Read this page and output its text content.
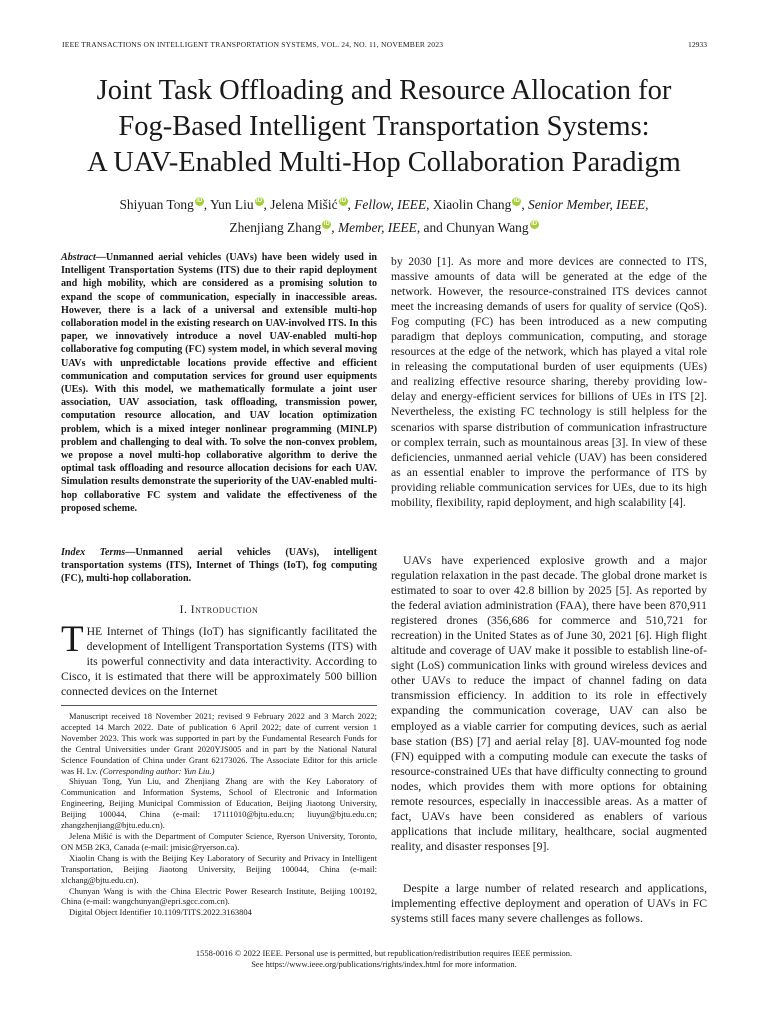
IEEE TRANSACTIONS ON INTELLIGENT TRANSPORTATION SYSTEMS, VOL. 24, NO. 11, NOVEMBER 2023	12933
Joint Task Offloading and Resource Allocation for
Fog-Based Intelligent Transportation Systems:
A UAV-Enabled Multi-Hop Collaboration Paradigm
Shiyuan Tong iD , Yun Liu iD , Jelena Mišić iD , Fellow, IEEE, Xiaolin Chang iD , Senior Member, IEEE,
Zhenjiang Zhang iD , Member, IEEE, and Chunyan Wang iD
Abstract—Unmanned aerial vehicles (UAVs) have been widely used in Intelligent Transportation Systems (ITS) due to their rapid deployment and high mobility, which are considered as a promising solution to expand the scope of communication, especially in inaccessible areas. However, there is a lack of a universal and extensible multi-hop collaboration model in the existing research on UAV-involved ITS. In this paper, we innovatively introduce a novel UAV-enabled multi-hop collaborative fog computing (FC) system model, in which several moving UAVs with unpredictable locations provide effective and efficient communication and computation services for ground user equipments (UEs). With this model, we mathematically formulate a joint user association, UAV association, task offloading, transmission power, computation resource allocation, and UAV location optimization problem, which is a mixed integer nonlinear programming (MINLP) problem and challenging to deal with. To solve the non-convex problem, we propose a novel multi-hop collaborative algorithm to derive the optimal task offloading and resource allocation decisions for each UAV. Simulation results demonstrate the superiority of the UAV-enabled multi-hop collaborative FC system and validate the effectiveness of the proposed scheme.
Index Terms—Unmanned aerial vehicles (UAVs), intelligent transportation systems (ITS), Internet of Things (IoT), fog computing (FC), multi-hop collaboration.
I. Introduction
THE Internet of Things (IoT) has significantly facilitated the development of Intelligent Transportation Systems (ITS) with its powerful connectivity and data interactivity. According to Cisco, it is estimated that there will be approximately 500 billion connected devices on the Internet

Manuscript received 18 November 2021; revised 9 February 2022 and 3 March 2022; accepted 14 March 2022. Date of publication 6 April 2022; date of current version 1 November 2023. This work was supported in part by the Fundamental Research Funds for the Central Universities under Grant 2020YJS005 and in part by the National Natural Science Foundation of China under Grant 62173026. The Associate Editor for this article was H. Lv. (Corresponding author: Yun Liu.)

Shiyuan Tong, Yun Liu, and Zhenjiang Zhang are with the Key Laboratory of Communication and Information Systems, School of Electronic and Information Engineering, Beijing Municipal Commission of Education, Beijing Jiaotong University, Beijing 100044, China (e-mail: 17111010@bjtu.edu.cn; liuyun@bjtu.edu.cn; zhangzhenjiang@bjtu.edu.cn).

Jelena Mišić is with the Department of Computer Science, Ryerson University, Toronto, ON M5B 2K3, Canada (e-mail: jmisic@ryerson.ca).

Xiaolin Chang is with the Beijing Key Laboratory of Security and Privacy in Intelligent Transportation, Beijing Jiaotong University, Beijing 100044, China (e-mail: xlchang@bjtu.edu.cn).

Chunyan Wang is with the China Electric Power Research Institute, Beijing 100192, China (e-mail: wangchunyan@epri.sgcc.com.cn).

Digital Object Identifier 10.1109/TITS.2022.3163804

by 2030 [1]. As more and more devices are connected to ITS, massive amounts of data will be generated at the edge of the network. However, the resource-constrained ITS devices cannot meet the increasing demands of users for quality of service (QoS). Fog computing (FC) has been introduced as a new computing paradigm that deploys communication, computing, and storage resources at the edge of the network, which has played a vital role in releasing the computational burden of user equipments (UEs) and realizing effective resource sharing, thereby providing low-delay and energy-efficient services for billions of UEs in ITS [2]. Nevertheless, the existing FC technology is still helpless for the scenarios with sparse distribution of communication infrastructure or complex terrain, such as mountainous areas [3]. In view of these deficiencies, unmanned aerial vehicle (UAV) has been considered as an essential enabler to improve the performance of ITS by providing reliable communication services for UEs, due to its high mobility, flexibility, rapid deployment, and high scalability [4].
UAVs have experienced explosive growth and a major regulation relaxation in the past decade. The global drone market is estimated to soar to over 42.8 billion by 2025 [5]. As reported by the federal aviation administration (FAA), there have been 870,911 registered drones (356,686 for commerce and 510,721 for recreation) in the United States as of June 30, 2021 [6]. High flight altitude and coverage of UAV make it possible to establish line-of-sight (LoS) communication links with ground wireless devices and other UAVs to reduce the impact of channel fading on data transmission efficiency. In addition to its role in effectively expanding the communication coverage, UAV can also be employed as a viable carrier for computing devices, such as aerial base station (BS) [7] and aerial relay [8]. UAV-mounted fog node (FN) equipped with a computing module can execute the tasks of resource-constrained UEs that have difficulty connecting to ground nodes, which provides them with more options for obtaining remote resources, especially in inaccessible areas. As a matter of fact, UAVs have been considered as enablers of various applications that include military, healthcare, social augmented reality, and disaster responses [9].
Despite a large number of related research and applications, implementing effective deployment and operation of UAVs in FC systems still faces many severe challenges as follows.
1558-0016 © 2022 IEEE. Personal use is permitted, but republication/redistribution requires IEEE permission.
See https://www.ieee.org/publications/rights/index.html for more information.
